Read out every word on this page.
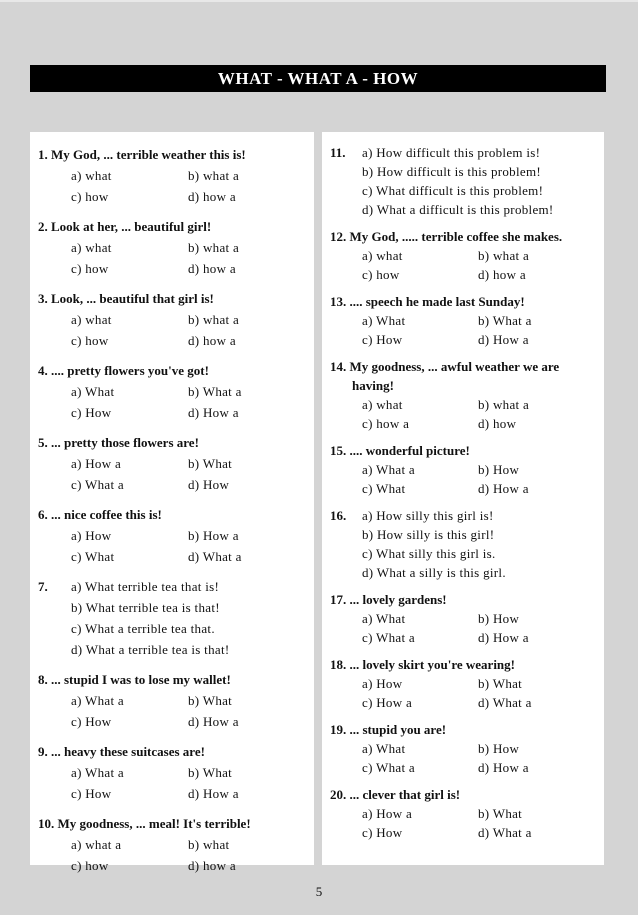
WHAT - WHAT A - HOW
1. My God, ... terrible weather this is!
a) what	b) what a
c) how	d) how a
2. Look at her, ... beautiful girl!
a) what	b) what a
c) how	d) how a
3. Look, ... beautiful that girl is!
a) what	b) what a
c) how	d) how a
4. .... pretty flowers you've got!
a) What	b) What a
c) How	d) How a
5. ... pretty those flowers are!
a) How a	b) What
c) What a	d) How
6. ... nice coffee this is!
a) How	b) How a
c) What	d) What a
7.	a) What terrible tea that is!
b) What terrible tea is that!
c) What a terrible tea that.
d) What a terrible tea is that!
8. ... stupid I was to lose my wallet!
a) What a	b) What
c) How	d) How a
9. ... heavy these suitcases are!
a) What a	b) What
c) How	d) How a
10. My goodness, ... meal! It's terrible!
a) what a	b) what
c) how	d) how a
11.	a) How difficult this problem is!
b) How difficult is this problem!
c) What difficult is this problem!
d) What a difficult is this problem!
12. My God, ..... terrible coffee she makes.
a) what	b) what a
c) how	d) how a
13. .... speech he made last Sunday!
a) What	b) What a
c) How	d) How a
14. My goodness, ... awful weather we are having!
a) what	b) what a
c) how a	d) how
15. .... wonderful picture!
a) What a	b) How
c) What	d) How a
16.	a) How silly this girl is!
b) How silly is this girl!
c) What silly this girl is.
d) What a silly is this girl.
17. ... lovely gardens!
a) What	b) How
c) What a	d) How a
18. ... lovely skirt you're wearing!
a) How	b) What
c) How a	d) What a
19. ... stupid you are!
a) What	b) How
c) What a	d) How a
20. ... clever that girl is!
a) How a	b) What
c) How	d) What a
5
